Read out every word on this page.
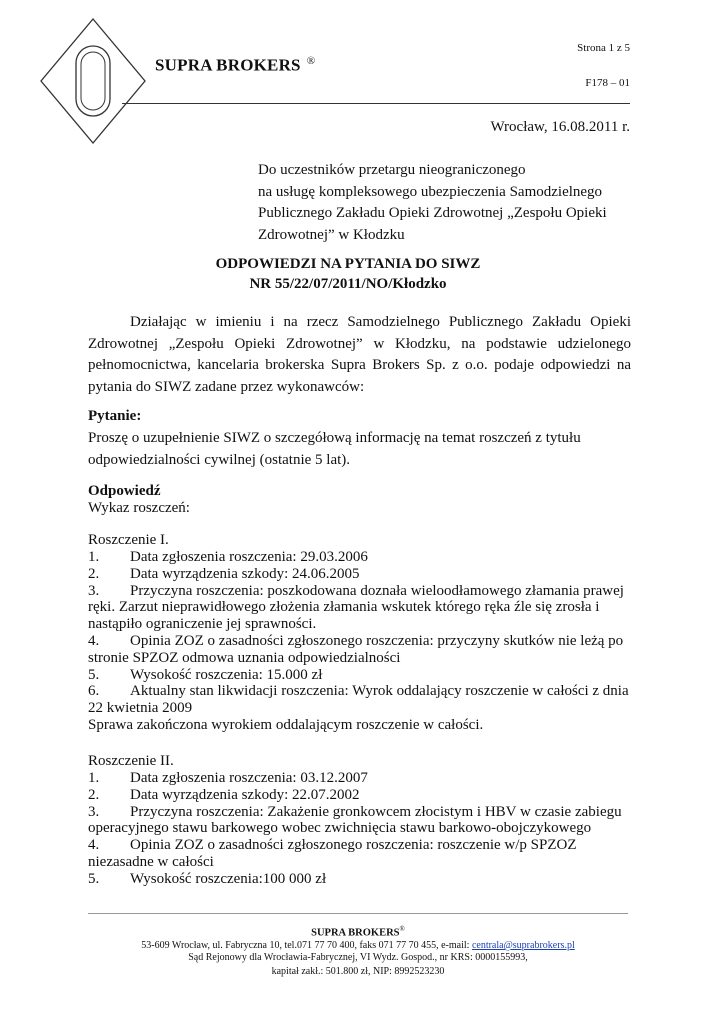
SUPRA BROKERS ®
Strona 1 z 5
F178 – 01
Wrocław, 16.08.2011 r.
Do uczestników przetargu nieograniczonego
na usługę kompleksowego ubezpieczenia Samodzielnego
Publicznego Zakładu Opieki Zdrowotnej „Zespołu Opieki
Zdrowotnej” w Kłodzku
ODPOWIEDZI NA PYTANIA DO SIWZ
NR 55/22/07/2011/NO/Kłodzko
Działając w imieniu i na rzecz Samodzielnego Publicznego Zakładu Opieki Zdrowotnej „Zespołu Opieki Zdrowotnej” w Kłodzku, na podstawie udzielonego pełnomocnictwa, kancelaria brokerska Supra Brokers Sp. z o.o. podaje odpowiedzi na pytania do SIWZ zadane przez wykonawców:
Pytanie:
Proszę o uzupełnienie SIWZ o szczegółową informację na temat roszczeń z tytułu odpowiedzialności cywilnej (ostatnie 5 lat).
Odpowiedź
Wykaz roszczeń:
Roszczenie I.
1.	Data zgłoszenia roszczenia: 29.03.2006
2.	Data wyrządzenia szkody: 24.06.2005
3. Przyczyna roszczenia: poszkodowana doznała wieloodłamowego złamania prawej ręki. Zarzut nieprawidłowego złożenia złamania wskutek którego ręka źle się zrosła i nastąpiło ograniczenie jej sprawności.
4. Opinia ZOZ o zasadności zgłoszonego roszczenia: przyczyny skutków nie leżą po stronie SPZOZ odmowa uznania odpowiedzialności
5.	Wysokość roszczenia: 15.000 zł
6. Aktualny stan likwidacji roszczenia: Wyrok oddalający roszczenie w całości z dnia 22 kwietnia 2009
Sprawa zakończona wyrokiem oddalającym roszczenie w całości.
Roszczenie II.
1.	Data zgłoszenia roszczenia: 03.12.2007
2.	Data wyrządzenia szkody: 22.07.2002
3. Przyczyna roszczenia: Zakażenie gronkowcem złocistym i HBV w czasie zabiegu operacyjnego stawu barkowego wobec zwichnięcia stawu barkowo-obojczykowego
4. Opinia ZOZ o zasadności zgłoszonego roszczenia: roszczenie w/p SPZOZ niezasadne w całości
5.	Wysokość roszczenia:100 000 zł
SUPRA BROKERS®
53-609 Wrocław, ul. Fabryczna 10, tel.071 77 70 400, faks 071 77 70 455, e-mail: centrala@suprabrokers.pl
Sąd Rejonowy dla Wrocławia-Fabrycznej, VI Wydz. Gospod., nr KRS: 0000155993,
kapitał zakł.: 501.800 zł, NIP: 8992523230
